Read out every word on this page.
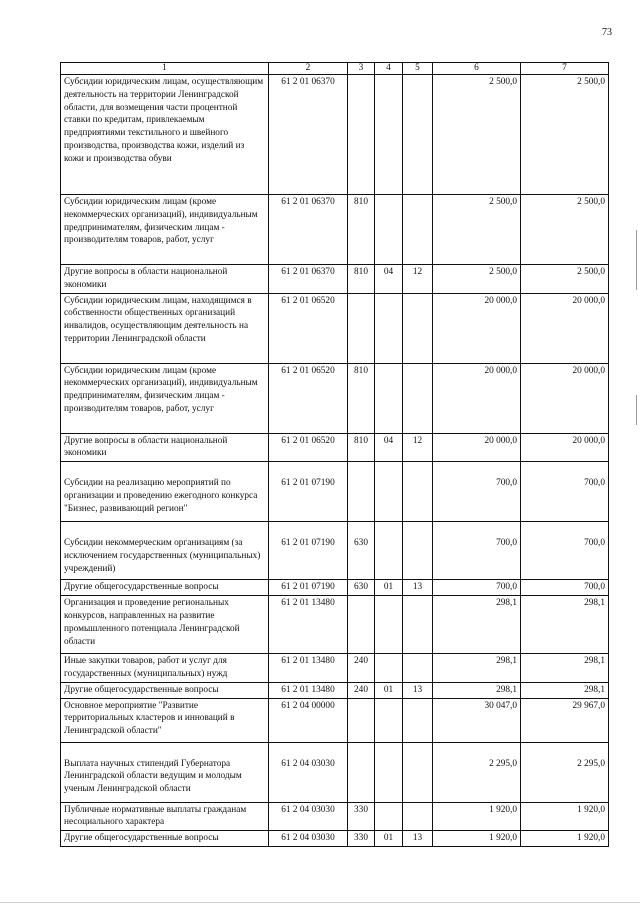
73
1	2	3	4	5	6	7
Субсидии юридическим лицам, осуществляющим деятельность на территории Ленинградской области, для возмещения части процентной ставки по кредитам, привлекаемым предприятиями текстильного и швейного производства, производства кожи, изделий из кожи и производства обуви	61 2 01 06370				2 500,0	2 500,0
Субсидии юридическим лицам (кроме некоммерческих организаций), индивидуальным предпринимателям, физическим лицам - производителям товаров, работ, услуг	61 2 01 06370	810			2 500,0	2 500,0
Другие вопросы в области национальной экономики	61 2 01 06370	810	04	12	2 500,0	2 500,0
Субсидии юридическим лицам, находящимся в собственности общественных организаций инвалидов, осуществляющим деятельность на территории Ленинградской области	61 2 01 06520				20 000,0	20 000,0
Субсидии юридическим лицам (кроме некоммерческих организаций), индивидуальным предпринимателям, физическим лицам - производителям товаров, работ, услуг	61 2 01 06520	810			20 000,0	20 000,0
Другие вопросы в области национальной экономики	61 2 01 06520	810	04	12	20 000,0	20 000,0

Субсидии на реализацию мероприятий по организации и проведению ежегодного конкурса "Бизнес, развивающий регион"	61 2 01 07190				700,0	700,0

Субсидии некоммерческим организациям (за исключением государственных (муниципальных) учреждений)	61 2 01 07190	630			700,0	700,0
Другие общегосударственные вопросы	61 2 01 07190	630	01	13	700,0	700,0
Организация и проведение региональных конкурсов, направленных на развитие промышленного потенциала Ленинградской области	61 2 01 13480				298,1	298,1
Иные закупки товаров, работ и услуг для государственных (муниципальных) нужд	61 2 01 13480	240			298,1	298,1
Другие общегосударственные вопросы	61 2 01 13480	240	01	13	298,1	298,1
Основное мероприятие "Развитие территориальных кластеров и инноваций в Ленинградской области"	61 2 04 00000				30 047,0	29 967,0

Выплата научных стипендий Губернатора Ленинградской области ведущим и молодым ученым Ленинградской области	61 2 04 03030				2 295,0	2 295,0
Публичные нормативные выплаты гражданам несоциального характера	61 2 04 03030	330			1 920,0	1 920,0
Другие общегосударственные вопросы	61 2 04 03030	330	01	13	1 920,0	1 920,0
